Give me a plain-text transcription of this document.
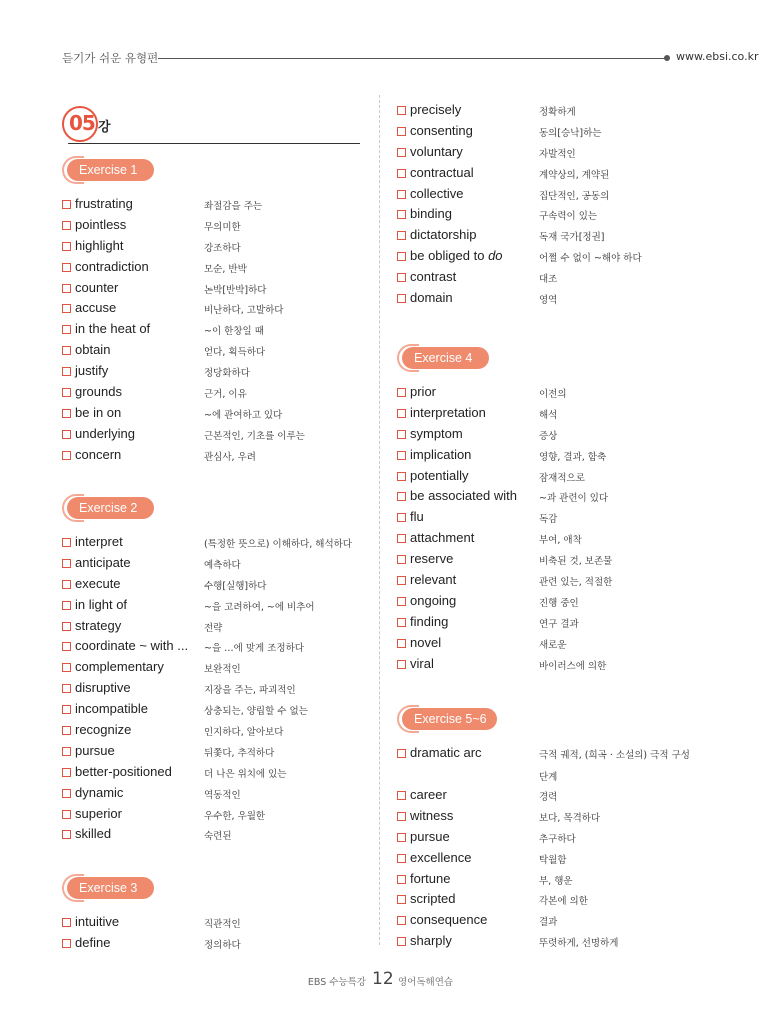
듣기가 쉬운 유형편	www.ebsi.co.kr
05 강
Exercise 1
frustrating	좌절감을 주는
pointless	무의미한
highlight	강조하다
contradiction	모순, 반박
counter	논박[반박]하다
accuse	비난하다, 고발하다
in the heat of	~이 한창일 때
obtain	얻다, 획득하다
justify	정당화하다
grounds	근거, 이유
be in on	~에 관여하고 있다
underlying	근본적인, 기초를 이루는
concern	관심사, 우려
Exercise 2
interpret	(특정한 뜻으로) 이해하다, 해석하다
anticipate	예측하다
execute	수행[실행]하다
in light of	~을 고려하여, ~에 비추어
strategy	전략
coordinate ~ with ... ~을 …에 맞게 조정하다
complementary	보완적인
disruptive	지장을 주는, 파괴적인
incompatible	상충되는, 양립할 수 없는
recognize	인지하다, 알아보다
pursue	뒤쫓다, 추적하다
better-positioned	더 나은 위치에 있는
dynamic	역동적인
superior	우수한, 우월한
skilled	숙련된
Exercise 3
intuitive	직관적인
define	정의하다
precisely	정확하게
consenting	동의[승낙]하는
voluntary	자발적인
contractual	계약상의, 계약된
collective	집단적인, 공동의
binding	구속력이 있는
dictatorship	독재 국가[정권]
be obliged to do	어쩔 수 없이 ~해야 하다
contrast	대조
domain	영역
Exercise 4
prior	이전의
interpretation	해석
symptom	증상
implication	영향, 결과, 함축
potentially	잠재적으로
be associated with ~과 관련이 있다
flu	독감
attachment	부여, 애착
reserve	비축된 것, 보존물
relevant	관련 있는, 적절한
ongoing	진행 중인
finding	연구 결과
novel	새로운
viral	바이러스에 의한
Exercise 5~6
dramatic arc	극적 궤적, (희곡 · 소설의) 극적 구성
단계
career	경력
witness	보다, 목격하다
pursue	추구하다
excellence	탁월함
fortune	부, 행운
scripted	각본에 의한
consequence	결과
sharply	뚜렷하게, 선명하게
EBS 수능특강 12 영어독해연습
